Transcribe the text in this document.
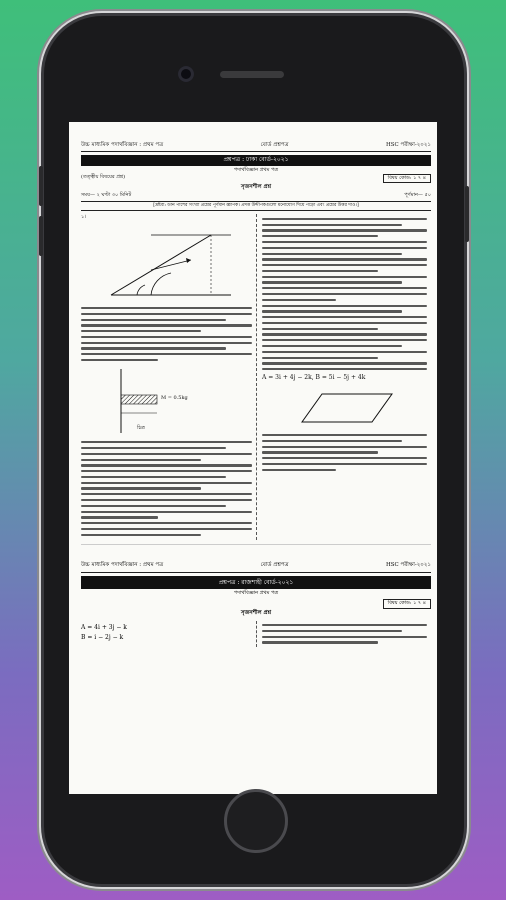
উচ্চ মাধ্যমিক পদার্থবিজ্ঞান : প্রথম পত্র	বোর্ড প্রশ্নপত্র	HSC পরীক্ষা-২০২১
প্রশ্নপত্র : ঢাকা বোর্ড-২০২১
পদার্থবিজ্ঞান প্রথম পত্র
(তত্ত্বীয় বিষয়ের প্রশ্ন)	বিষয় কোড: ১ ৭ ৪
সৃজনশীল প্রশ্ন
সময়— ২ ঘণ্টা ৩০ মিনিট	পূর্ণমান— ৫০
[দ্রষ্টব্য: ডান পাশের সংখ্যা প্রশ্নের পূর্ণমান জ্ঞাপক। প্রদত্ত উদ্দীপকগুলো মনোযোগ দিয়ে পড়ো এবং প্রশ্নের উত্তর দাও।]
১।
M = 0.5kg
চিত্র
A = 3i + 4j − 2k, B = 5i − 5j + 4k
উচ্চ মাধ্যমিক পদার্থবিজ্ঞান : প্রথম পত্র	বোর্ড প্রশ্নপত্র	HSC পরীক্ষা-২০২১
প্রশ্নপত্র : রাজশাহী বোর্ড-২০২১
পদার্থবিজ্ঞান প্রথম পত্র
বিষয় কোড: ১ ৭ ৪
সৃজনশীল প্রশ্ন
A = 4i + 3j − k
B = i − 2j − k
